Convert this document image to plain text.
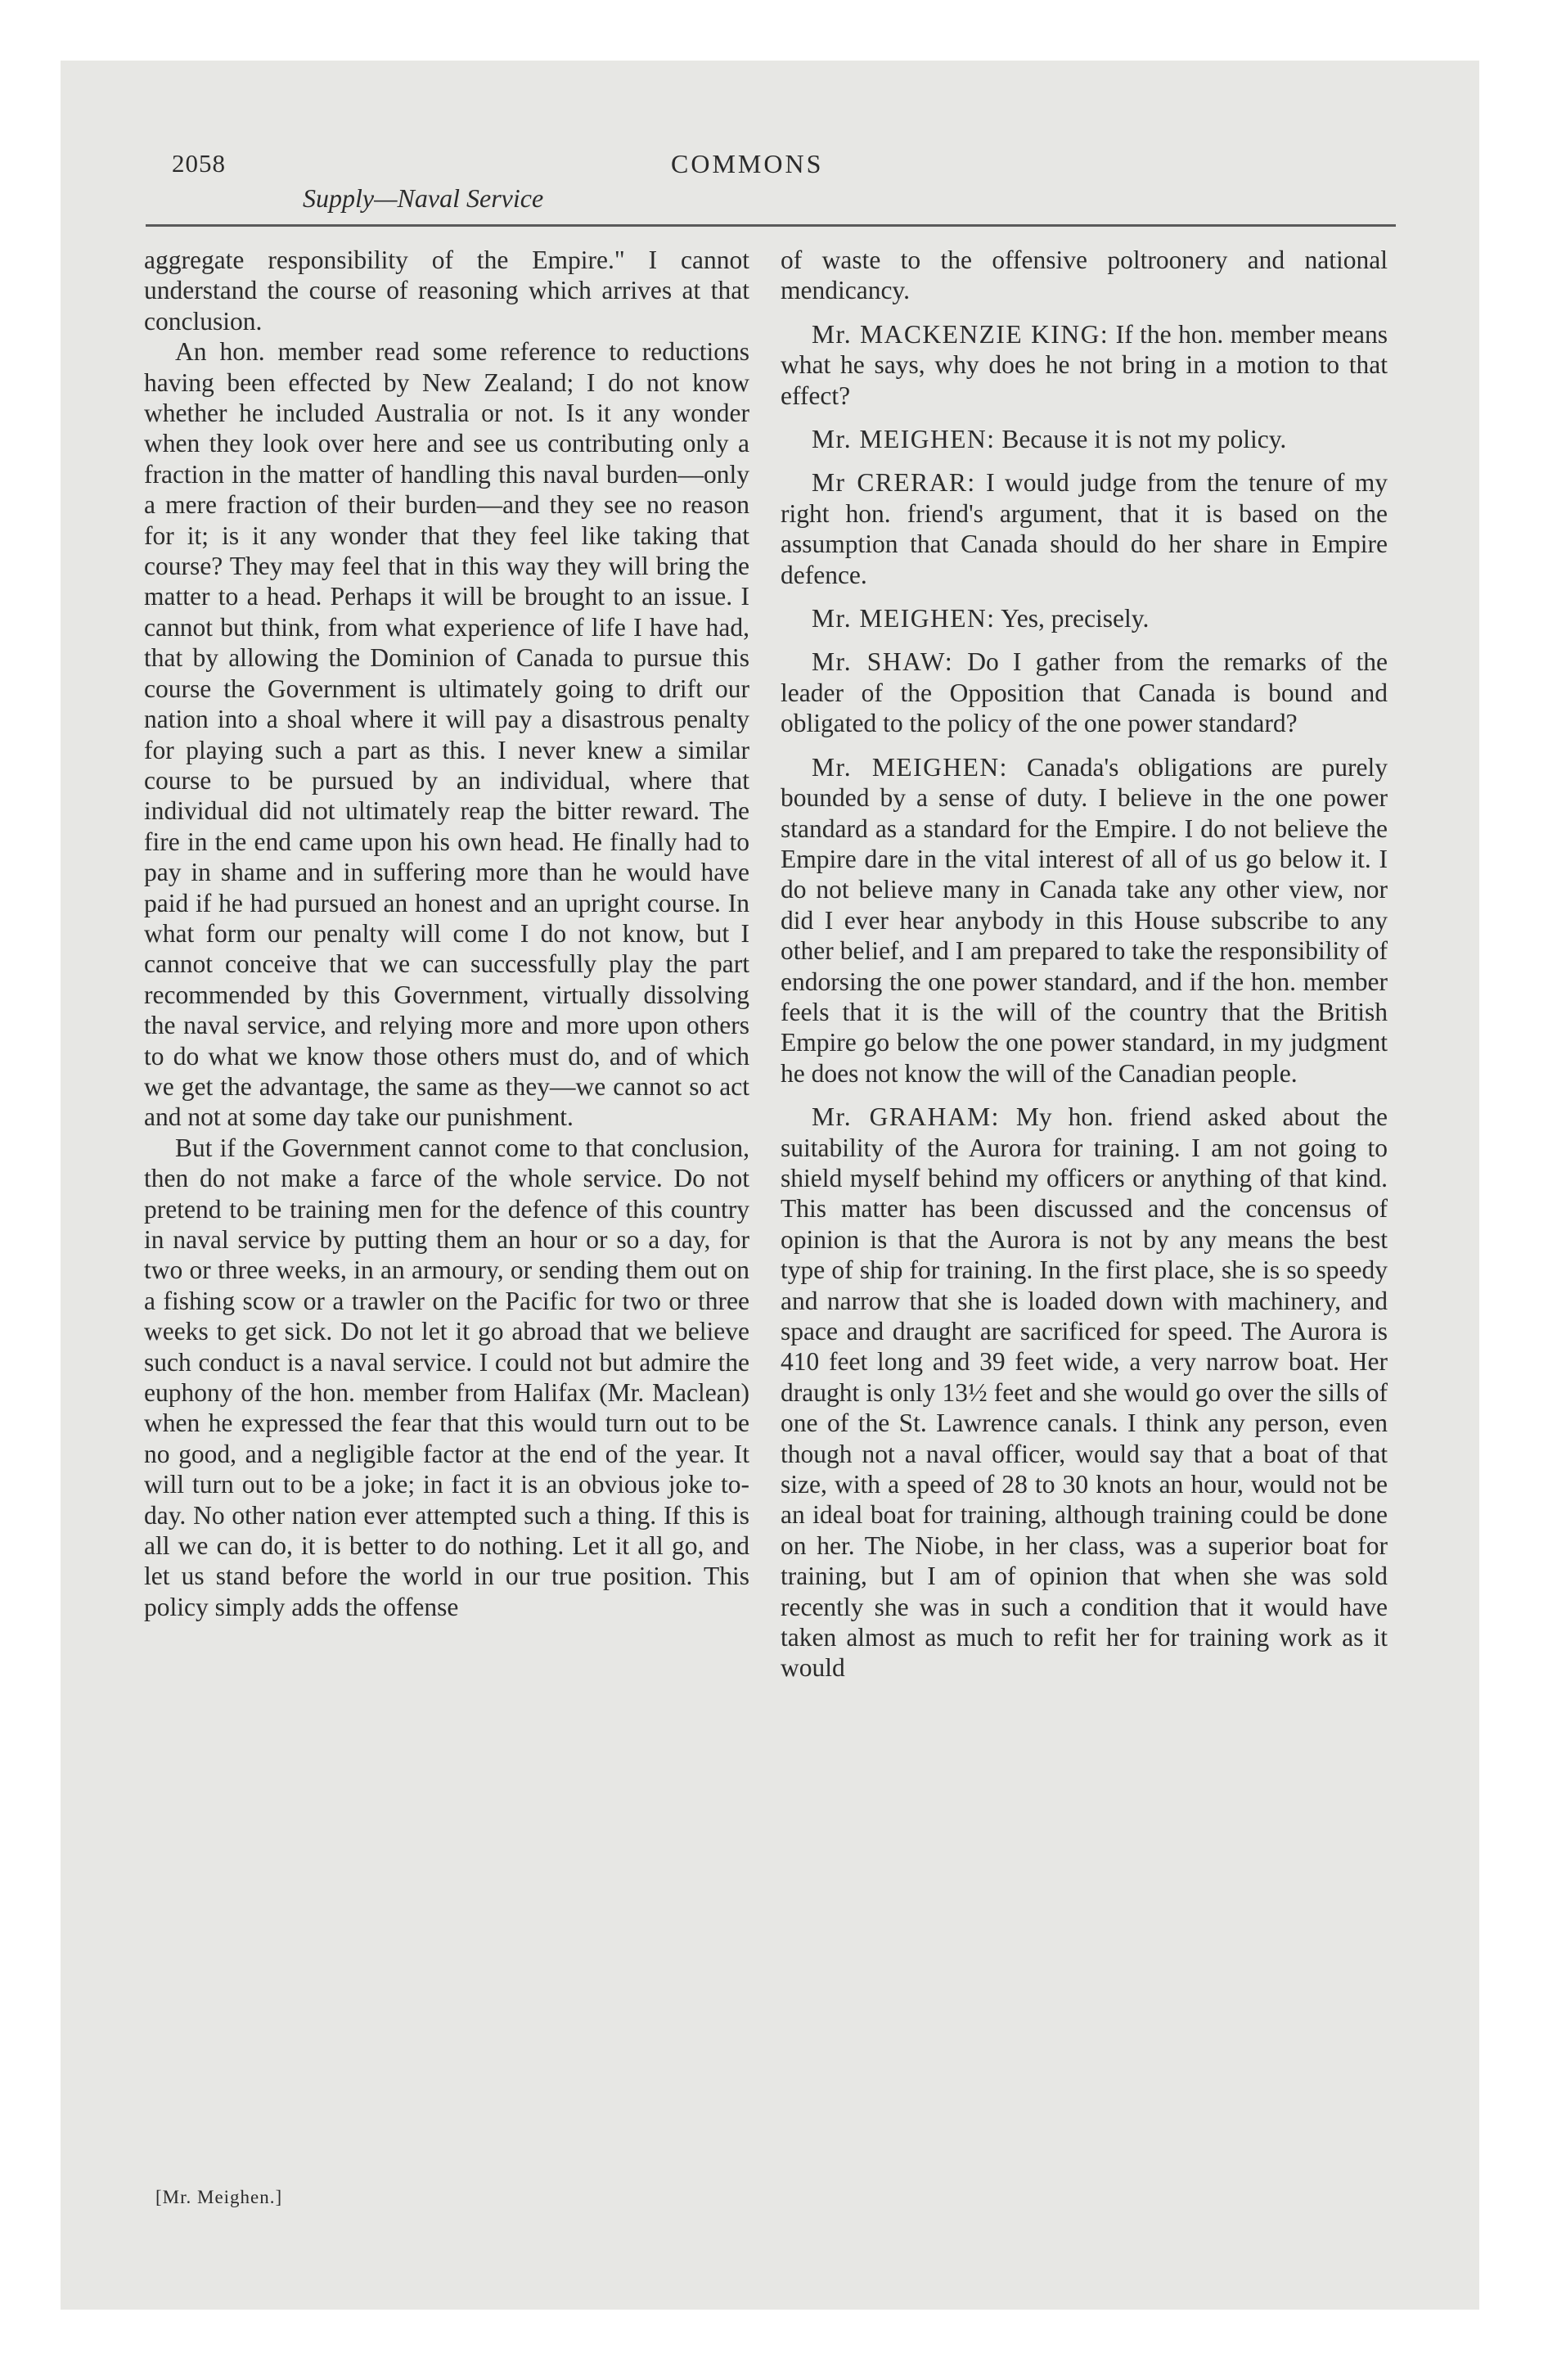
2058
Supply—Naval Service
COMMONS

aggregate responsibility of the Empire." I cannot understand the course of reasoning which arrives at that conclusion.

An hon. member read some reference to reductions having been effected by New Zealand; I do not know whether he included Australia or not. Is it any wonder when they look over here and see us contributing only a fraction in the matter of handling this naval burden—only a mere fraction of their burden—and they see no reason for it; is it any wonder that they feel like taking that course? They may feel that in this way they will bring the matter to a head. Perhaps it will be brought to an issue. I cannot but think, from what experience of life I have had, that by allowing the Dominion of Canada to pursue this course the Government is ultimately going to drift our nation into a shoal where it will pay a disastrous penalty for playing such a part as this. I never knew a similar course to be pursued by an individual, where that individual did not ultimately reap the bitter reward. The fire in the end came upon his own head. He finally had to pay in shame and in suffering more than he would have paid if he had pursued an honest and an upright course. In what form our penalty will come I do not know, but I cannot conceive that we can successfully play the part recommended by this Government, virtually dissolving the naval service, and relying more and more upon others to do what we know those others must do, and of which we get the advantage, the same as they—we cannot so act and not at some day take our punishment.

But if the Government cannot come to that conclusion, then do not make a farce of the whole service. Do not pretend to be training men for the defence of this country in naval service by putting them an hour or so a day, for two or three weeks, in an armoury, or sending them out on a fishing scow or a trawler on the Pacific for two or three weeks to get sick. Do not let it go abroad that we believe such conduct is a naval service. I could not but admire the euphony of the hon. member from Halifax (Mr. Maclean) when he expressed the fear that this would turn out to be no good, and a negligible factor at the end of the year. It will turn out to be a joke; in fact it is an obvious joke to-day. No other nation ever attempted such a thing. If this is all we can do, it is better to do nothing. Let it all go, and let us stand before the world in our true position. This policy simply adds the offense

of waste to the offensive poltroonery and national mendicancy.

Mr. MACKENZIE KING: If the hon. member means what he says, why does he not bring in a motion to that effect?

Mr. MEIGHEN: Because it is not my policy.

Mr CRERAR: I would judge from the tenure of my right hon. friend's argument, that it is based on the assumption that Canada should do her share in Empire defence.

Mr. MEIGHEN: Yes, precisely.

Mr. SHAW: Do I gather from the remarks of the leader of the Opposition that Canada is bound and obligated to the policy of the one power standard?

Mr. MEIGHEN: Canada's obligations are purely bounded by a sense of duty. I believe in the one power standard as a standard for the Empire. I do not believe the Empire dare in the vital interest of all of us go below it. I do not believe many in Canada take any other view, nor did I ever hear anybody in this House subscribe to any other belief, and I am prepared to take the responsibility of endorsing the one power standard, and if the hon. member feels that it is the will of the country that the British Empire go below the one power standard, in my judgment he does not know the will of the Canadian people.

Mr. GRAHAM: My hon. friend asked about the suitability of the Aurora for training. I am not going to shield myself behind my officers or anything of that kind. This matter has been discussed and the concensus of opinion is that the Aurora is not by any means the best type of ship for training. In the first place, she is so speedy and narrow that she is loaded down with machinery, and space and draught are sacrificed for speed. The Aurora is 410 feet long and 39 feet wide, a very narrow boat. Her draught is only 13½ feet and she would go over the sills of one of the St. Lawrence canals. I think any person, even though not a naval officer, would say that a boat of that size, with a speed of 28 to 30 knots an hour, would not be an ideal boat for training, although training could be done on her. The Niobe, in her class, was a superior boat for training, but I am of opinion that when she was sold recently she was in such a condition that it would have taken almost as much to refit her for training work as it would

[Mr. Meighen.]
